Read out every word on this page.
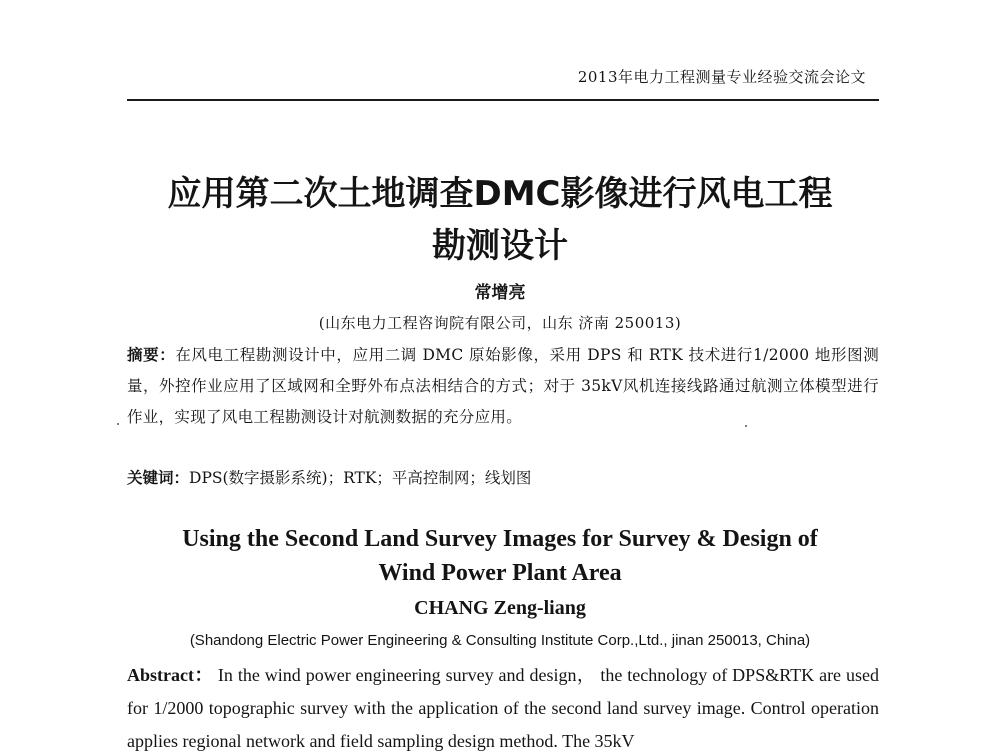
2013年电力工程测量专业经验交流会论文
应用第二次土地调查DMC影像进行风电工程
勘测设计
常增亮
(山东电力工程咨询院有限公司，山东 济南 250013)

摘要：在风电工程勘测设计中，应用二调 DMC 原始影像，采用 DPS 和 RTK 技术进行1/2000 地形图测量，外控作业应用了区域网和全野外布点法相结合的方式；对于 35kV风机连接线路通过航测立体模型进行作业，实现了风电工程勘测设计对航测数据的充分应用。

关键词：DPS(数字摄影系统)；RTK；平高控制网；线划图

Using the Second Land Survey Images for Survey & Design of
Wind Power Plant Area
CHANG Zeng-liang
(Shandong Electric Power Engineering & Consulting Institute Corp.,Ltd., jinan 250013, China)

Abstract： In the wind power engineering survey and design， the technology of DPS&RTK are used for 1/2000 topographic survey with the application of the second land survey image. Control operation applies regional network and field sampling design method. The 35kV
